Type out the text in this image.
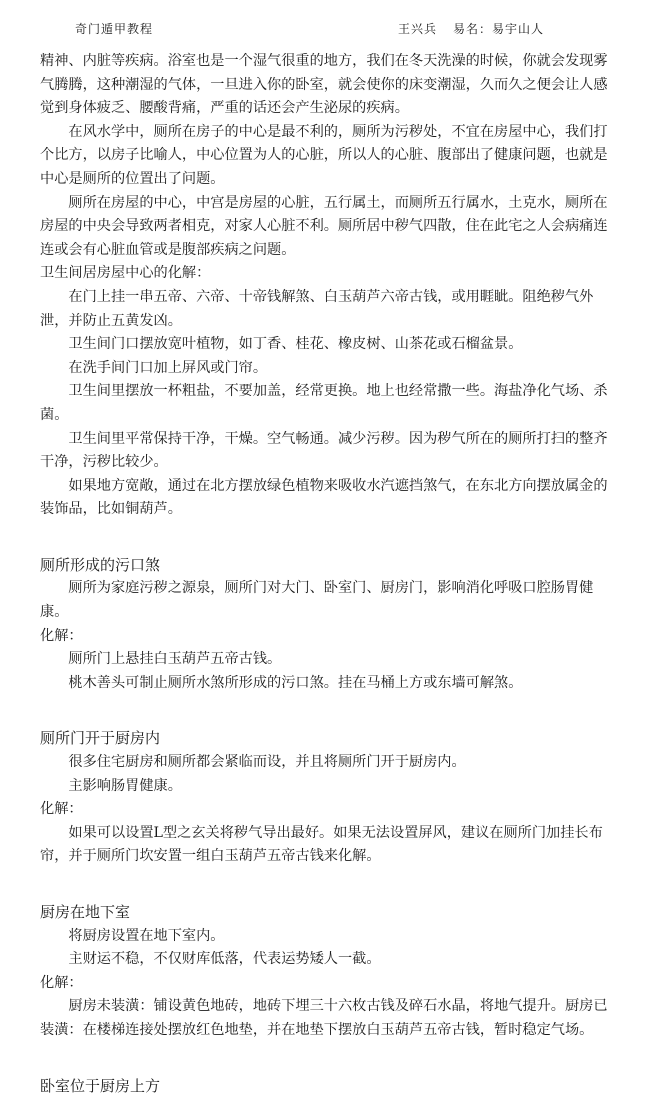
奇门遁甲教程	王兴兵 易名：易宇山人

精神、内脏等疾病。浴室也是一个湿气很重的地方，我们在冬天洗澡的时候，你就会发现雾气腾腾，这种潮湿的气体，一旦进入你的卧室，就会使你的床变潮湿，久而久之便会让人感觉到身体疲乏、腰酸背痛，严重的话还会产生泌尿的疾病。

在风水学中，厕所在房子的中心是最不利的，厕所为污秽处，不宜在房屋中心，我们打个比方，以房子比喻人，中心位置为人的心脏，所以人的心脏、腹部出了健康问题，也就是中心是厕所的位置出了问题。

厕所在房屋的中心，中宫是房屋的心脏，五行属土，而厕所五行属水，土克水，厕所在房屋的中央会导致两者相克，对家人心脏不利。厕所居中秽气四散，住在此宅之人会病痛连连或会有心脏血管或是腹部疾病之问题。

卫生间居房屋中心的化解：

在门上挂一串五帝、六帝、十帝钱解煞、白玉葫芦六帝古钱，或用睚眦。阻绝秽气外泄，并防止五黄发凶。

卫生间门口摆放宽叶植物，如丁香、桂花、橡皮树、山茶花或石榴盆景。

在洗手间门口加上屏风或门帘。

卫生间里摆放一杯粗盐，不要加盖，经常更换。地上也经常撒一些。海盐净化气场、杀菌。

卫生间里平常保持干净，干燥。空气畅通。减少污秽。因为秽气所在的厕所打扫的整齐干净，污秽比较少。

如果地方宽敞，通过在北方摆放绿色植物来吸收水汽遮挡煞气，在东北方向摆放属金的装饰品，比如铜葫芦。

厕所形成的污口煞

厕所为家庭污秽之源泉，厕所门对大门、卧室门、厨房门，影响消化呼吸口腔肠胃健康。

化解：

厕所门上悬挂白玉葫芦五帝古钱。

桃木善头可制止厕所水煞所形成的污口煞。挂在马桶上方或东墙可解煞。

厕所门开于厨房内

很多住宅厨房和厕所都会紧临而设，并且将厕所门开于厨房内。

主影响肠胃健康。

化解：

如果可以设置L型之玄关将秽气导出最好。如果无法设置屏风，建议在厕所门加挂长布帘，并于厕所门坎安置一组白玉葫芦五帝古钱来化解。

厨房在地下室

将厨房设置在地下室内。

主财运不稳，不仅财库低落，代表运势矮人一截。

化解：

厨房未装潢：铺设黄色地砖，地砖下埋三十六枚古钱及碎石水晶，将地气提升。厨房已装潢：在楼梯连接处摆放红色地垫，并在地垫下摆放白玉葫芦五帝古钱，暂时稳定气场。

卧室位于厨房上方
